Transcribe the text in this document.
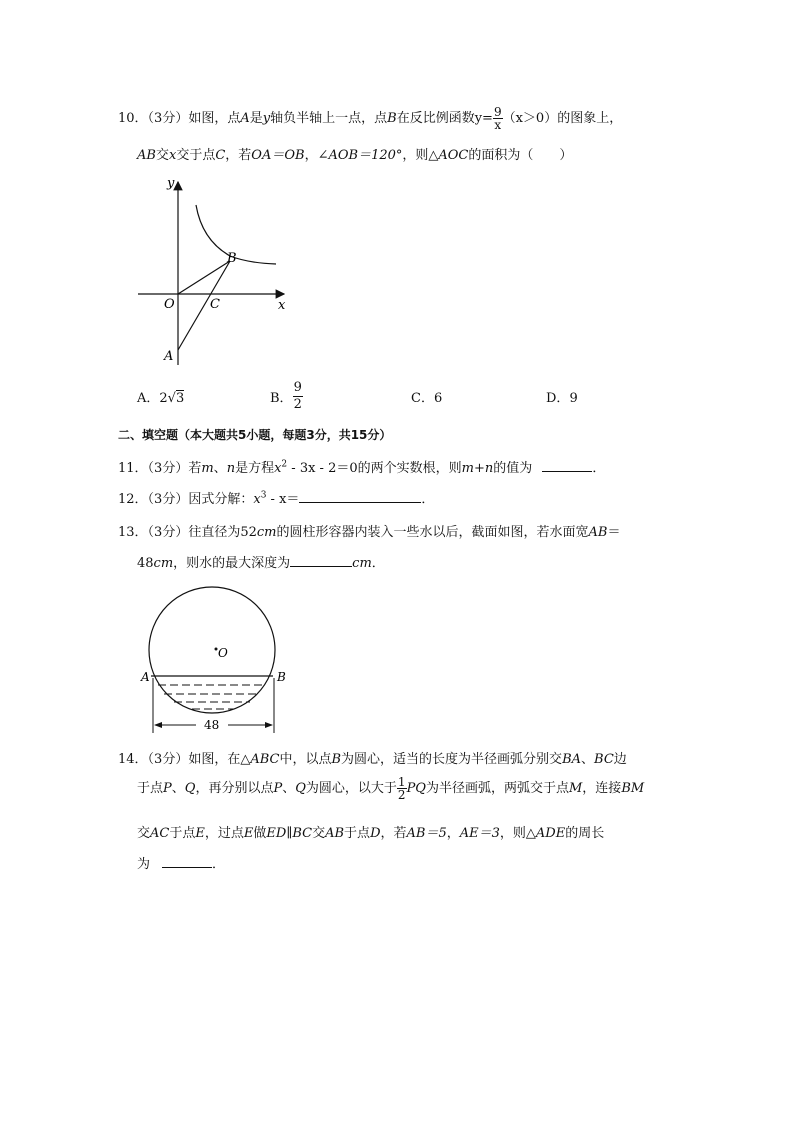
10．（3分）如图，点A是y轴负半轴上一点，点B在反比例函数$y= \frac{9}{x} (x>0)$的图象上，
AB交x交于点C，若OA＝OB，∠AOB＝120°，则△AOC的面积为（　　）
y
x
O
A
B
C
A．2√3	B． $\frac{9}{2}$	C．6	D．9
二、填空题（本大题共5小题，每题3分，共15分）
11．（3分）若m、n是方程$x^2 - 3x - 2=0$的两个实数根，则m+n的值为	．
12．（3分）因式分解：$x^3 - x=$	．
13．（3分）往直径为52cm的圆柱形容器内装入一些水以后，截面如图，若水面宽AB＝
48cm，则水的最大深度为	cm．
O
A	B
48
14．（3分）如图，在△ABC中，以点B为圆心，适当的长度为半径画弧分别交BA、BC边
于点P、Q，再分别以点P、Q为圆心，以大于 $\frac{1}{2}$ PQ为半径画弧，两弧交于点M，连接BM
交AC于点E，过点E做ED∥BC交AB于点D，若AB＝5，AE＝3，则△ADE的周长
为	．
